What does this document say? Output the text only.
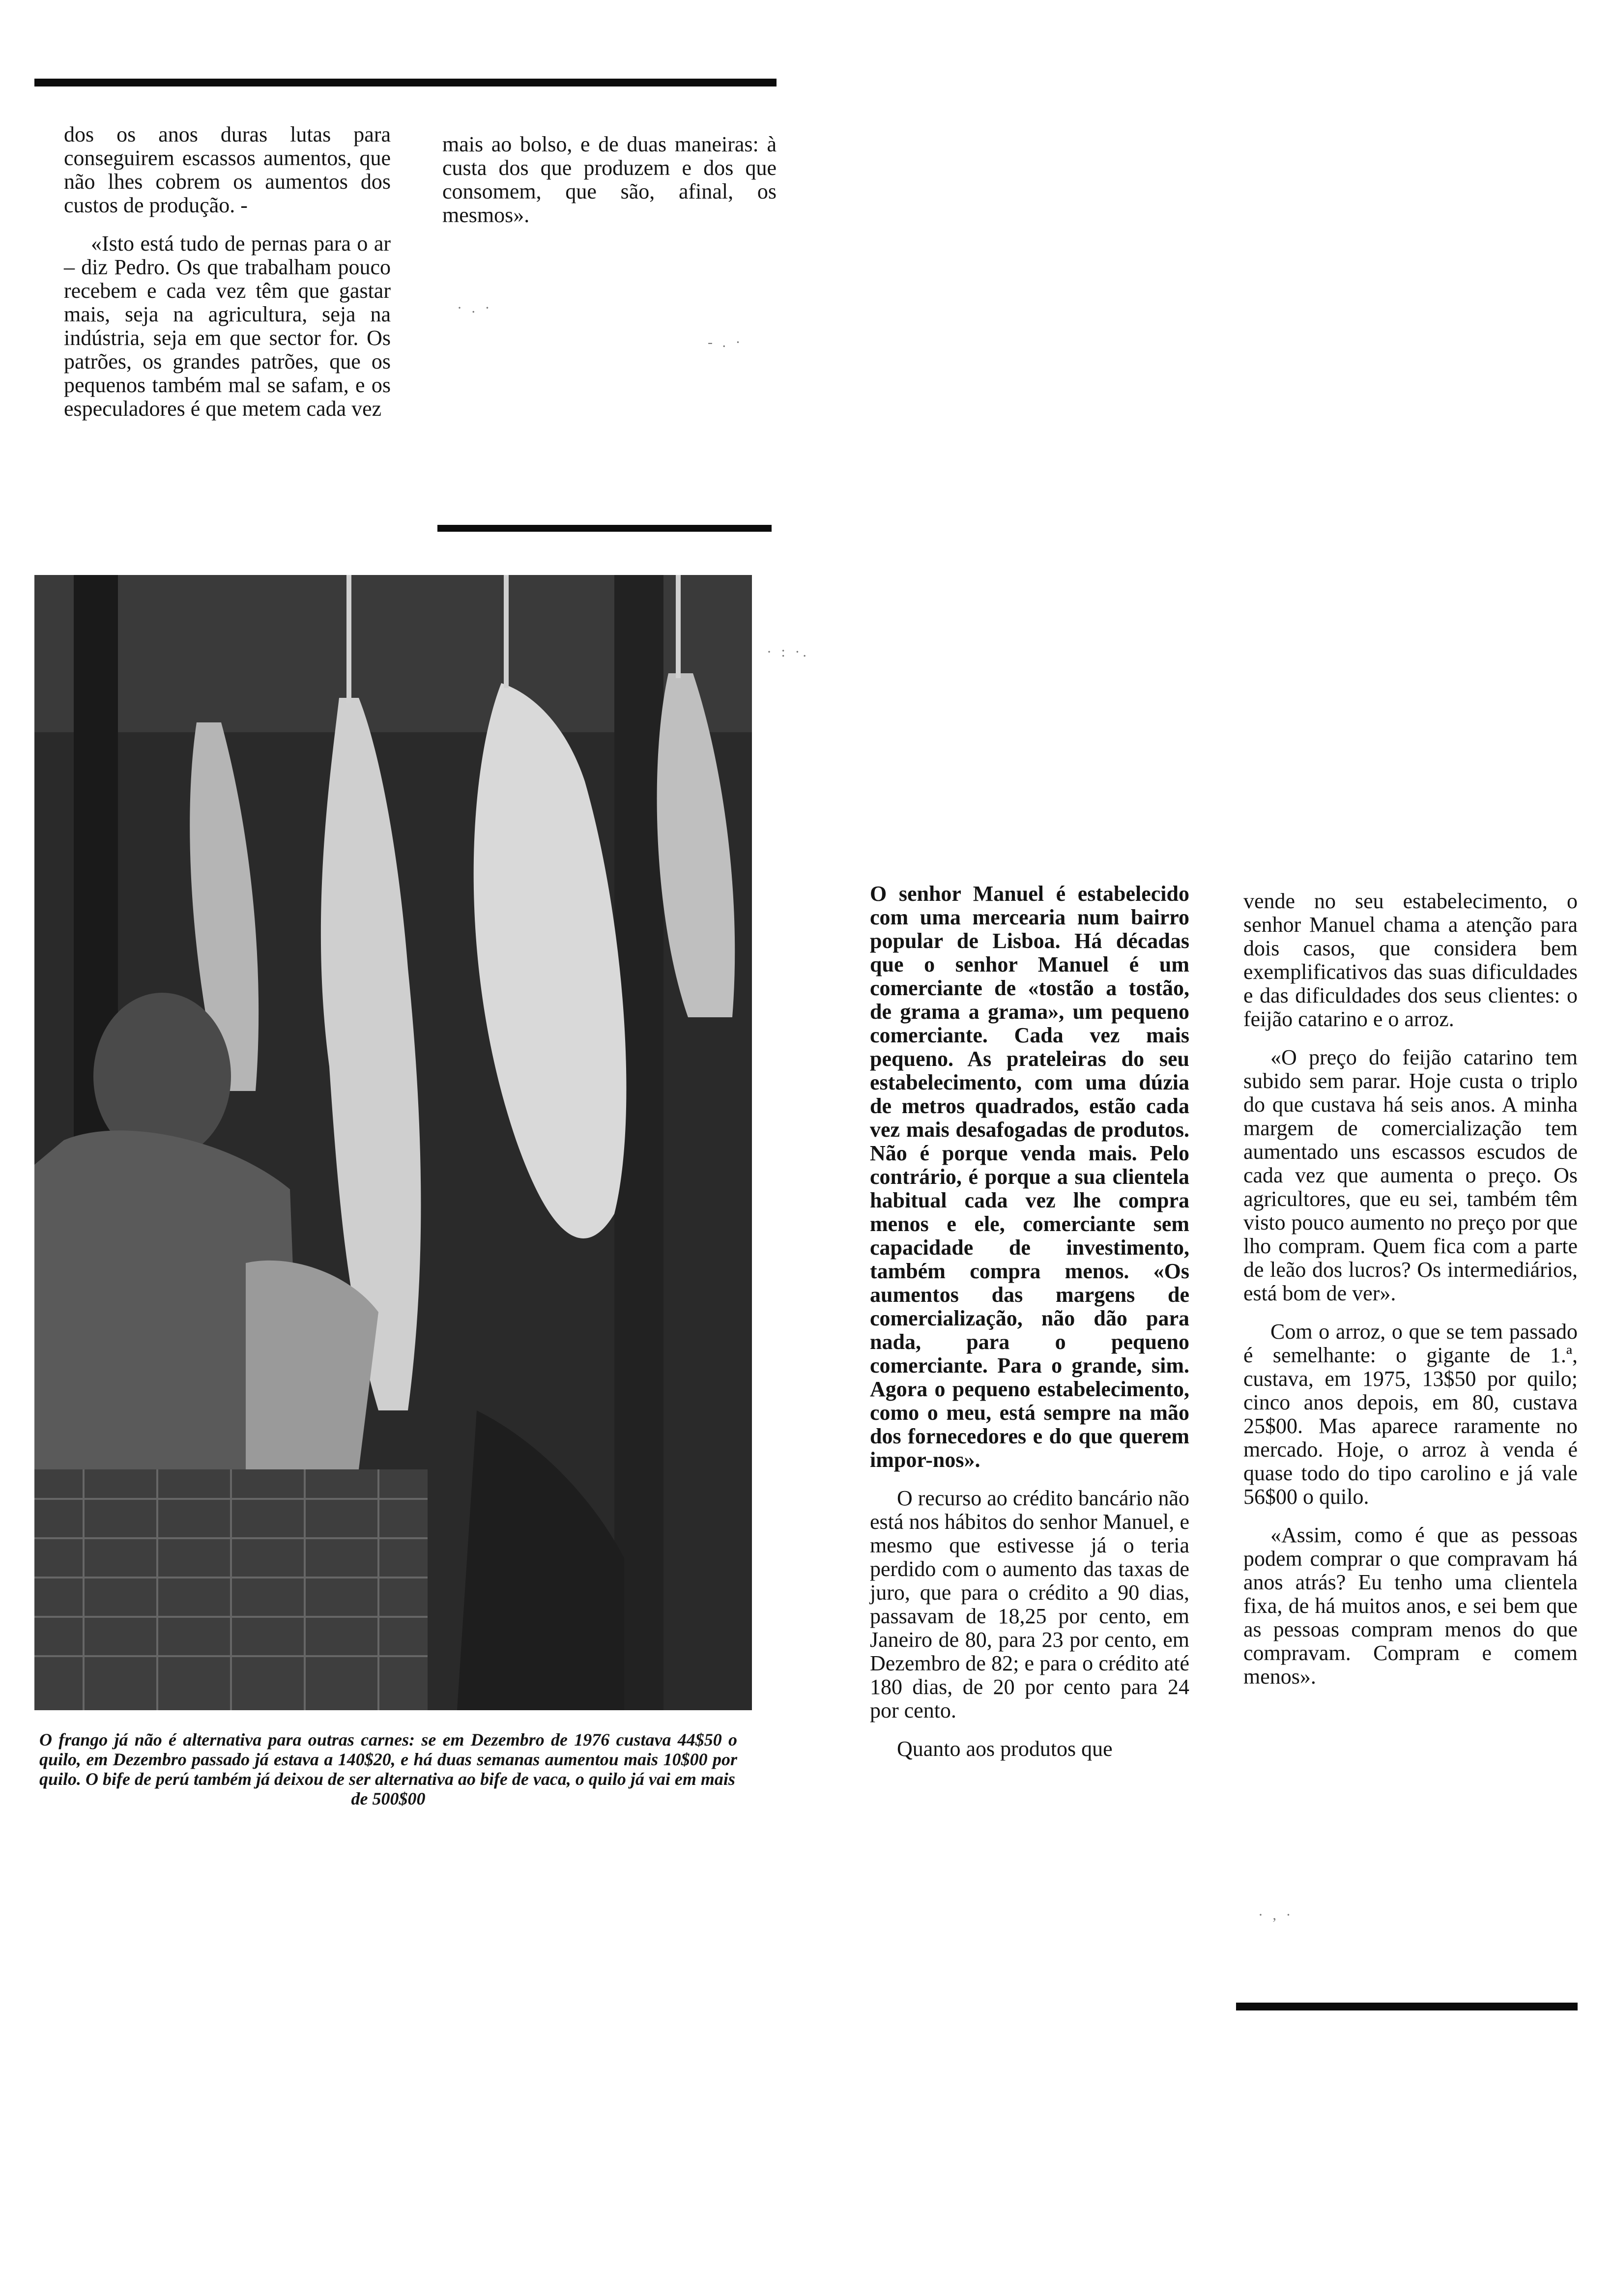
dos os anos duras lutas para conseguirem escassos aumentos, que não lhes cobrem os aumentos dos custos de produção. -

«Isto está tudo de pernas para o ar – diz Pedro. Os que trabalham pouco recebem e cada vez têm que gastar mais, seja na agricultura, seja na indústria, seja em que sector for. Os patrões, os grandes patrões, que os pequenos também mal se safam, e os especuladores é que metem cada vez

mais ao bolso, e de duas maneiras: à custa dos que produzem e dos que consomem, que são, afinal, os mesmos».

O frango já não é alternativa para outras carnes: se em Dezembro de 1976 custava 44$50 o quilo, em Dezembro passado já estava a 140$20, e há duas semanas aumentou mais 10$00 por quilo. O bife de perú também já deixou de ser alternativa ao bife de vaca, o quilo já vai em mais
de 500$00

O senhor Manuel é estabelecido com uma mercearia num bairro popular de Lisboa. Há décadas que o senhor Manuel é um comerciante de «tostão a tostão, de grama a grama», um pequeno comerciante. Cada vez mais pequeno. As prateleiras do seu estabelecimento, com uma dúzia de metros quadrados, estão cada vez mais desafogadas de produtos. Não é porque venda mais. Pelo contrário, é porque a sua clientela habitual cada vez lhe compra menos e ele, comerciante sem capacidade de investimento, também compra menos. «Os aumentos das margens de comercialização, não dão para nada, para o pequeno comerciante. Para o grande, sim. Agora o pequeno estabelecimento, como o meu, está sempre na mão dos fornecedores e do que querem impor-nos».

O recurso ao crédito bancário não está nos hábitos do senhor Manuel, e mesmo que estivesse já o teria perdido com o aumento das taxas de juro, que para o crédito a 90 dias, passavam de 18,25 por cento, em Janeiro de 80, para 23 por cento, em Dezembro de 82; e para o crédito até 180 dias, de 20 por cento para 24 por cento.

Quanto aos produtos que

vende no seu estabelecimento, o senhor Manuel chama a atenção para dois casos, que considera bem exemplificativos das suas dificuldades e das dificuldades dos seus clientes: o feijão catarino e o arroz.

«O preço do feijão catarino tem subido sem parar. Hoje custa o triplo do que custava há seis anos. A minha margem de comercialização tem aumentado uns escassos escudos de cada vez que aumenta o preço. Os agricultores, que eu sei, também têm visto pouco aumento no preço por que lho compram. Quem fica com a parte de leão dos lucros? Os intermediários, está bom de ver».

Com o arroz, o que se tem passado é semelhante: o gigante de 1.ª, custava, em 1975, 13$50 por quilo; cinco anos depois, em 80, custava 25$00. Mas aparece raramente no mercado. Hoje, o arroz à venda é quase todo do tipo carolino e já vale 56$00 o quilo.

«Assim, como é que as pessoas podem comprar o que compravam há anos atrás? Eu tenho uma clientela fixa, de há muitos anos, e sei bem que as pessoas compram menos do que compravam. Compram e comem menos».

· . ·
- . ·
· : ·.
· , ·
